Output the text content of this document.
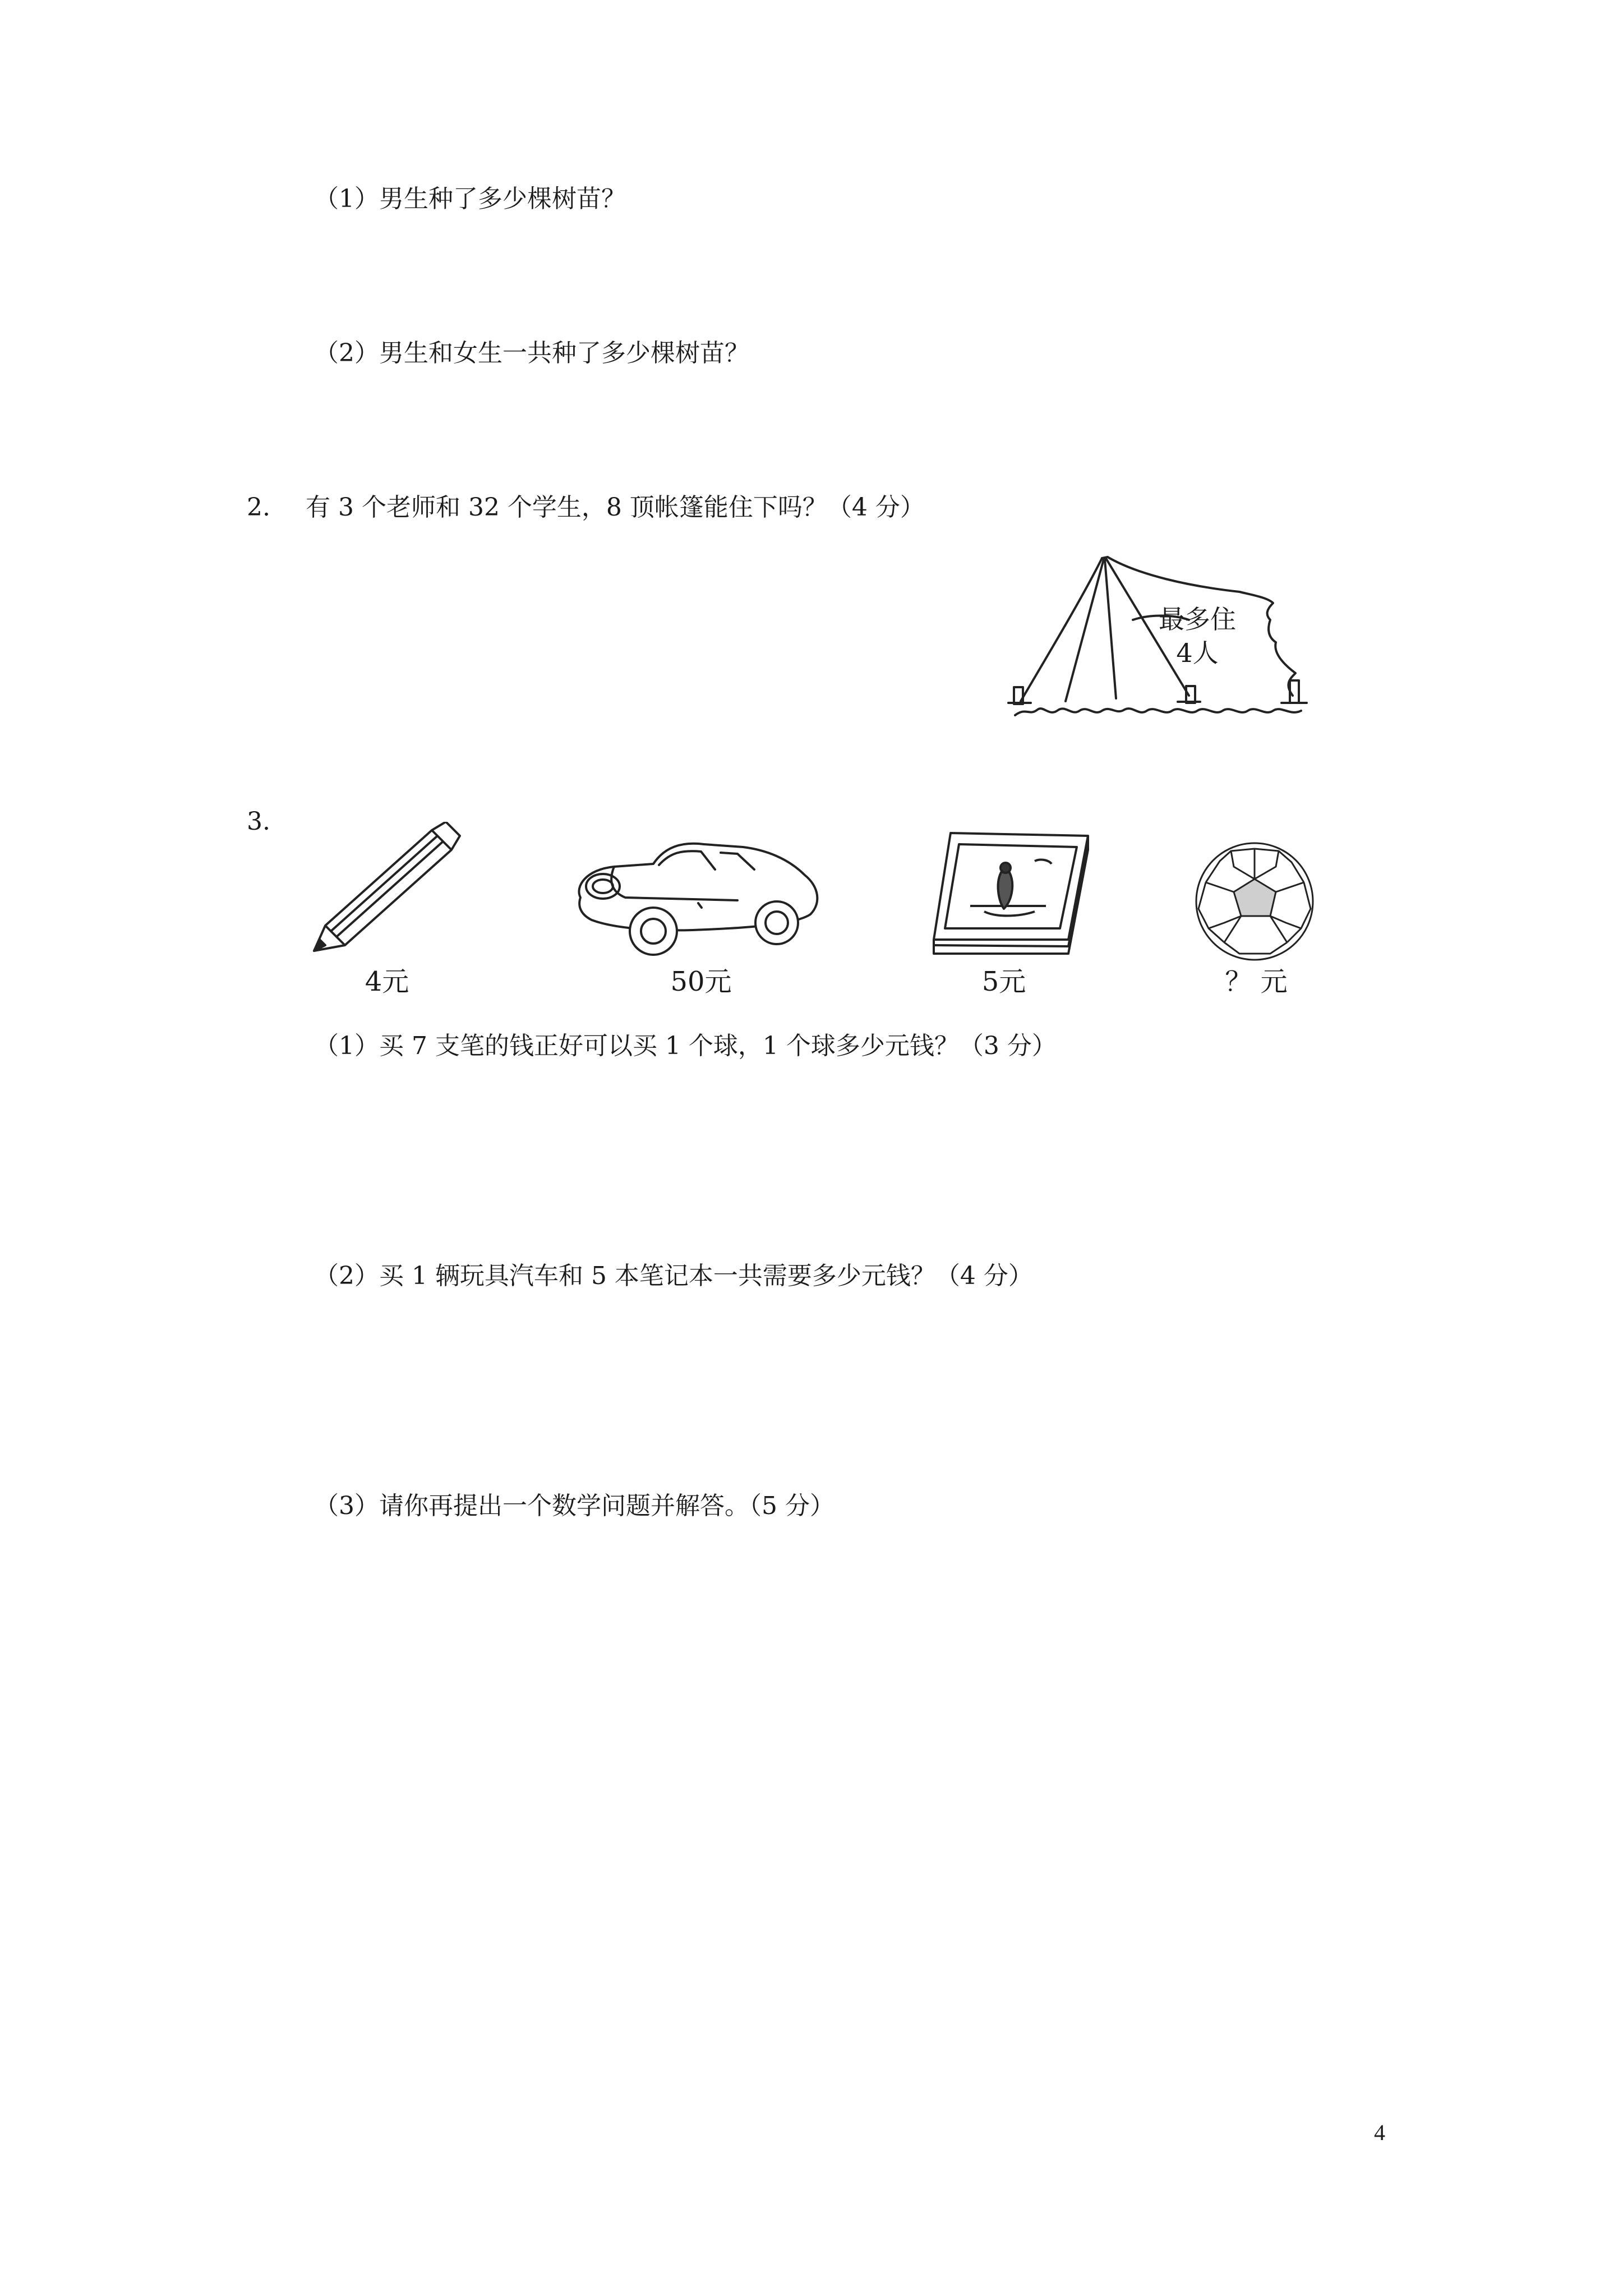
（1）男生种了多少棵树苗？
（2）男生和女生一共种了多少棵树苗？
2. 有 3 个老师和 32 个学生，8 顶帐篷能住下吗？（4 分）
最多住
4人
3.
4元	50元	5元	？ 元
（1）买 7 支笔的钱正好可以买 1 个球，1 个球多少元钱？（3 分）
（2）买 1 辆玩具汽车和 5 本笔记本一共需要多少元钱？（4 分）
（3）请你再提出一个数学问题并解答。（5 分）
4
